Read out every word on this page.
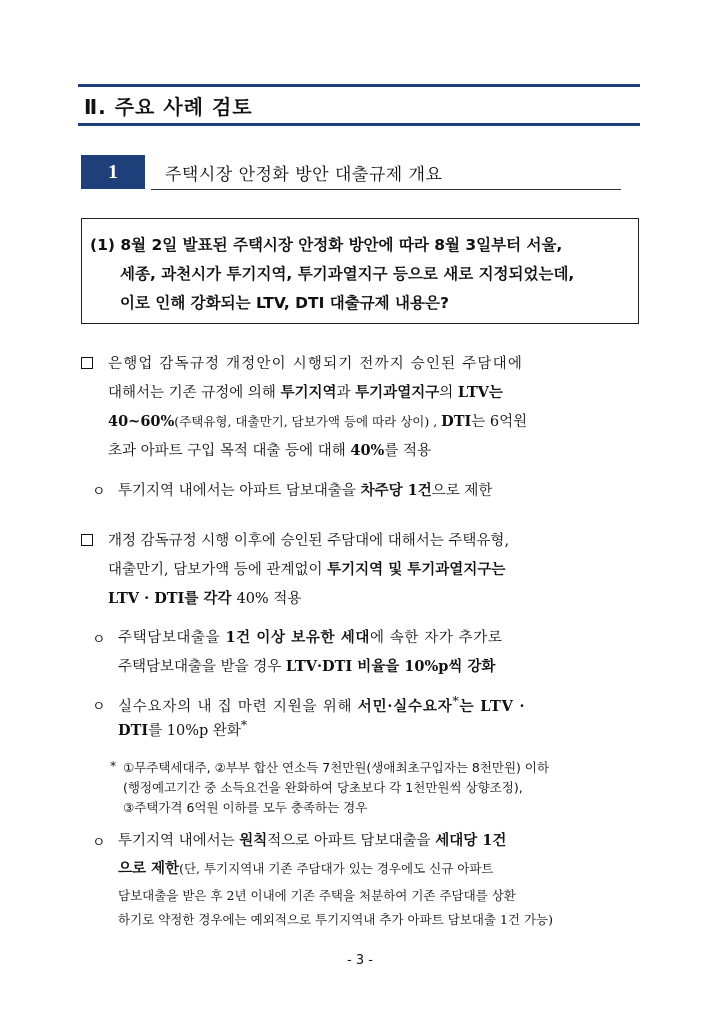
Ⅱ. 주요 사례 검토
1	주택시장 안정화 방안 대출규제 개요
(1) 8월 2일 발표된 주택시장 안정화 방안에 따라 8월 3일부터 서울,
세종, 과천시가 투기지역, 투기과열지구 등으로 새로 지정되었는데,
이로 인해 강화되는 LTV, DTI 대출규제 내용은?
은행업 감독규정 개정안이 시행되기 전까지 승인된 주담대에
대해서는 기존 규정에 의해 투기지역과 투기과열지구의 LTV는
40~60%(주택유형, 대출만기, 담보가액 등에 따라 상이) , DTI는 6억원
초과 아파트 구입 목적 대출 등에 대해 40%를 적용
ㅇ 투기지역 내에서는 아파트 담보대출을 차주당 1건으로 제한
개정 감독규정 시행 이후에 승인된 주담대에 대해서는 주택유형,
대출만기, 담보가액 등에 관계없이 투기지역 및 투기과열지구는
LTV · DTI를 각각 40% 적용
ㅇ 주택담보대출을 1건 이상 보유한 세대에 속한 자가 추가로
주택담보대출을 받을 경우 LTV·DTI 비율을 10%p씩 강화
ㅇ 실수요자의 내 집 마련 지원을 위해 서민·실수요자*는 LTV ·
DTI를 10%p 완화*
* ①무주택세대주, ②부부 합산 연소득 7천만원(생애최초구입자는 8천만원) 이하
(행정예고기간 중 소득요건을 완화하여 당초보다 각 1천만원씩 상향조정),
③주택가격 6억원 이하를 모두 충족하는 경우
ㅇ 투기지역 내에서는 원칙적으로 아파트 담보대출을 세대당 1건
으로 제한(단, 투기지역내 기존 주담대가 있는 경우에도 신규 아파트
담보대출을 받은 후 2년 이내에 기존 주택을 처분하여 기존 주담대를 상환
하기로 약정한 경우에는 예외적으로 투기지역내 추가 아파트 담보대출 1건 가능)
- 3 -
